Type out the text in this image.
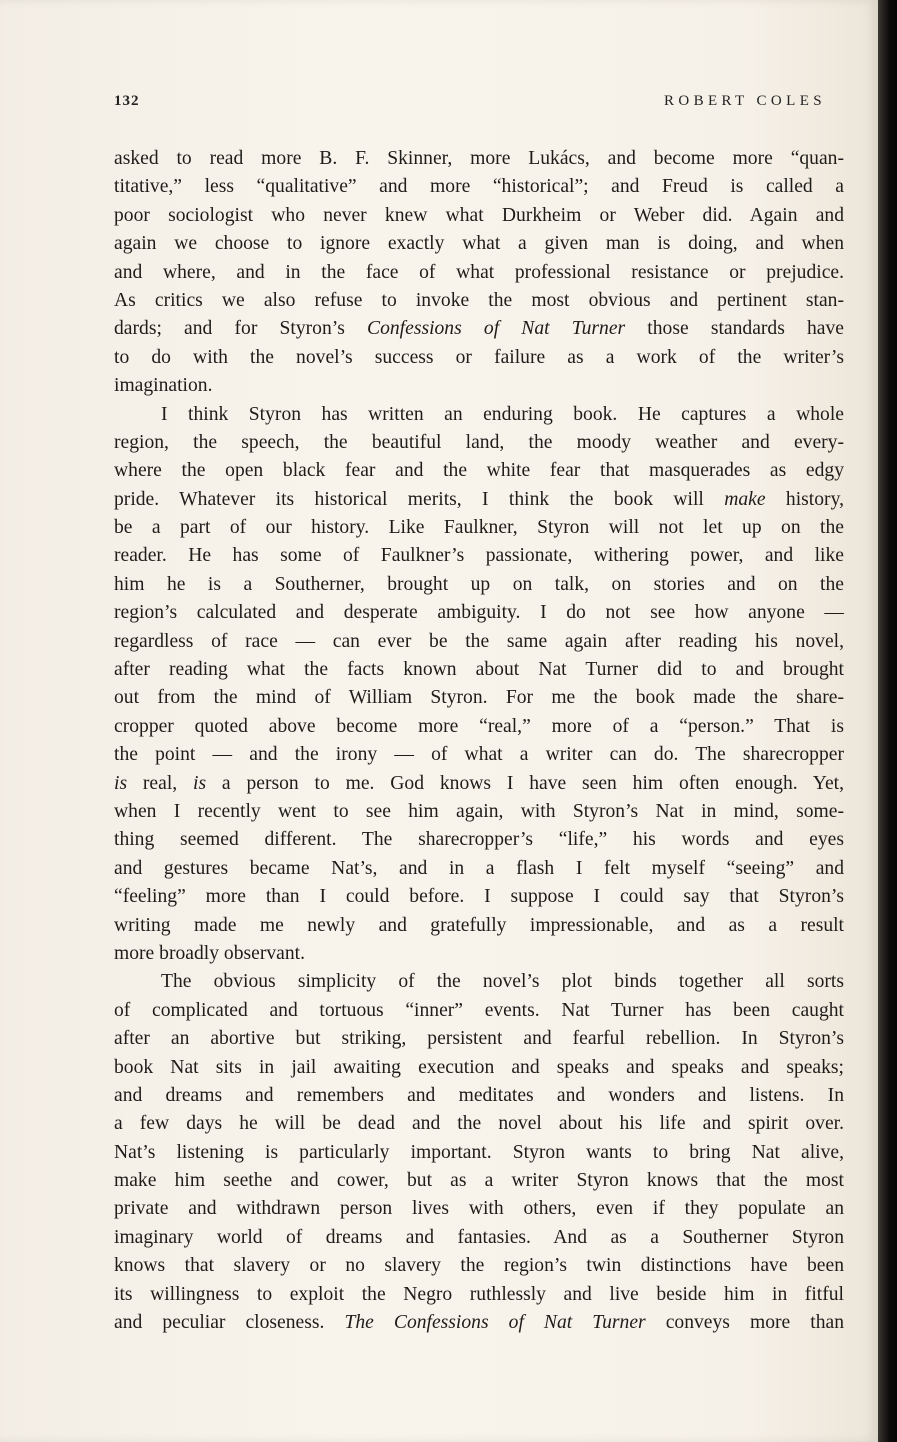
132	ROBERT COLES
asked to read more B. F. Skinner, more Lukács, and become more “quan-
titative,” less “qualitative” and more “historical”; and Freud is called a
poor sociologist who never knew what Durkheim or Weber did. Again and
again we choose to ignore exactly what a given man is doing, and when
and where, and in the face of what professional resistance or prejudice.
As critics we also refuse to invoke the most obvious and pertinent stan-
dards; and for Styron’s Confessions of Nat Turner those standards have
to do with the novel’s success or failure as a work of the writer’s
imagination.
I think Styron has written an enduring book. He captures a whole
region, the speech, the beautiful land, the moody weather and every-
where the open black fear and the white fear that masquerades as edgy
pride. Whatever its historical merits, I think the book will make history,
be a part of our history. Like Faulkner, Styron will not let up on the
reader. He has some of Faulkner’s passionate, withering power, and like
him he is a Southerner, brought up on talk, on stories and on the
region’s calculated and desperate ambiguity. I do not see how anyone —
regardless of race — can ever be the same again after reading his novel,
after reading what the facts known about Nat Turner did to and brought
out from the mind of William Styron. For me the book made the share-
cropper quoted above become more “real,” more of a “person.” That is
the point — and the irony — of what a writer can do. The sharecropper
is real, is a person to me. God knows I have seen him often enough. Yet,
when I recently went to see him again, with Styron’s Nat in mind, some-
thing seemed different. The sharecropper’s “life,” his words and eyes
and gestures became Nat’s, and in a flash I felt myself “seeing” and
“feeling” more than I could before. I suppose I could say that Styron’s
writing made me newly and gratefully impressionable, and as a result
more broadly observant.
The obvious simplicity of the novel’s plot binds together all sorts
of complicated and tortuous “inner” events. Nat Turner has been caught
after an abortive but striking, persistent and fearful rebellion. In Styron’s
book Nat sits in jail awaiting execution and speaks and speaks and speaks;
and dreams and remembers and meditates and wonders and listens. In
a few days he will be dead and the novel about his life and spirit over.
Nat’s listening is particularly important. Styron wants to bring Nat alive,
make him seethe and cower, but as a writer Styron knows that the most
private and withdrawn person lives with others, even if they populate an
imaginary world of dreams and fantasies. And as a Southerner Styron
knows that slavery or no slavery the region’s twin distinctions have been
its willingness to exploit the Negro ruthlessly and live beside him in fitful
and peculiar closeness. The Confessions of Nat Turner conveys more than
